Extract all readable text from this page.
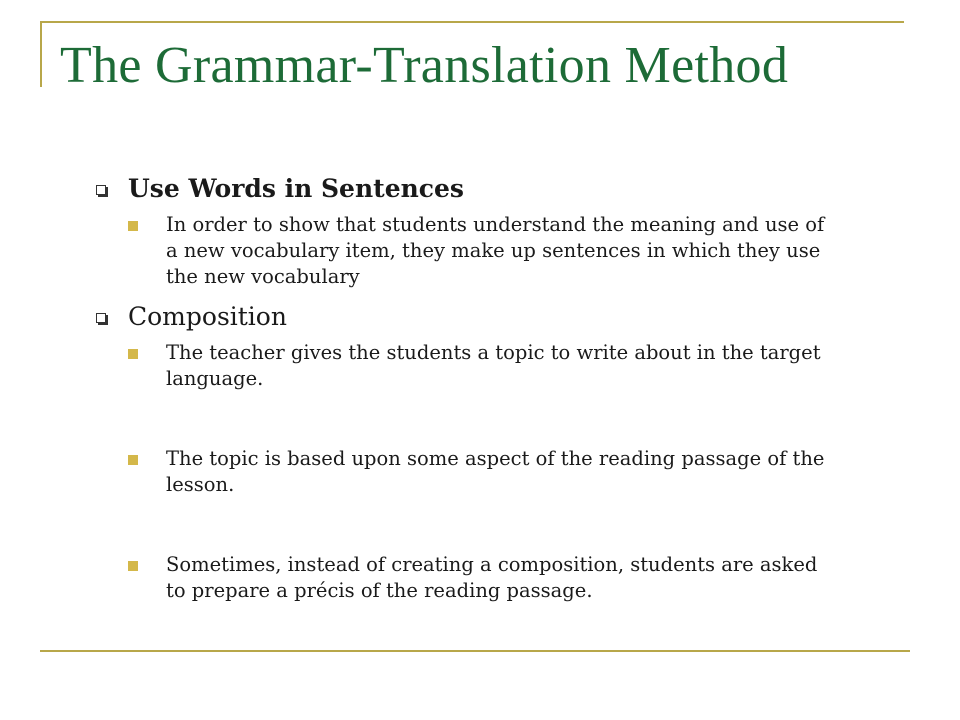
The Grammar-Translation Method
Use Words in Sentences

In order to show that students understand the meaning and use of a new vocabulary item, they make up sentences in which they use the new vocabulary

Composition

The teacher gives the students a topic to write about in the target language.

The topic is based upon some aspect of the reading passage of the lesson.

Sometimes, instead of creating a composition, students are asked to prepare a précis of the reading passage.
